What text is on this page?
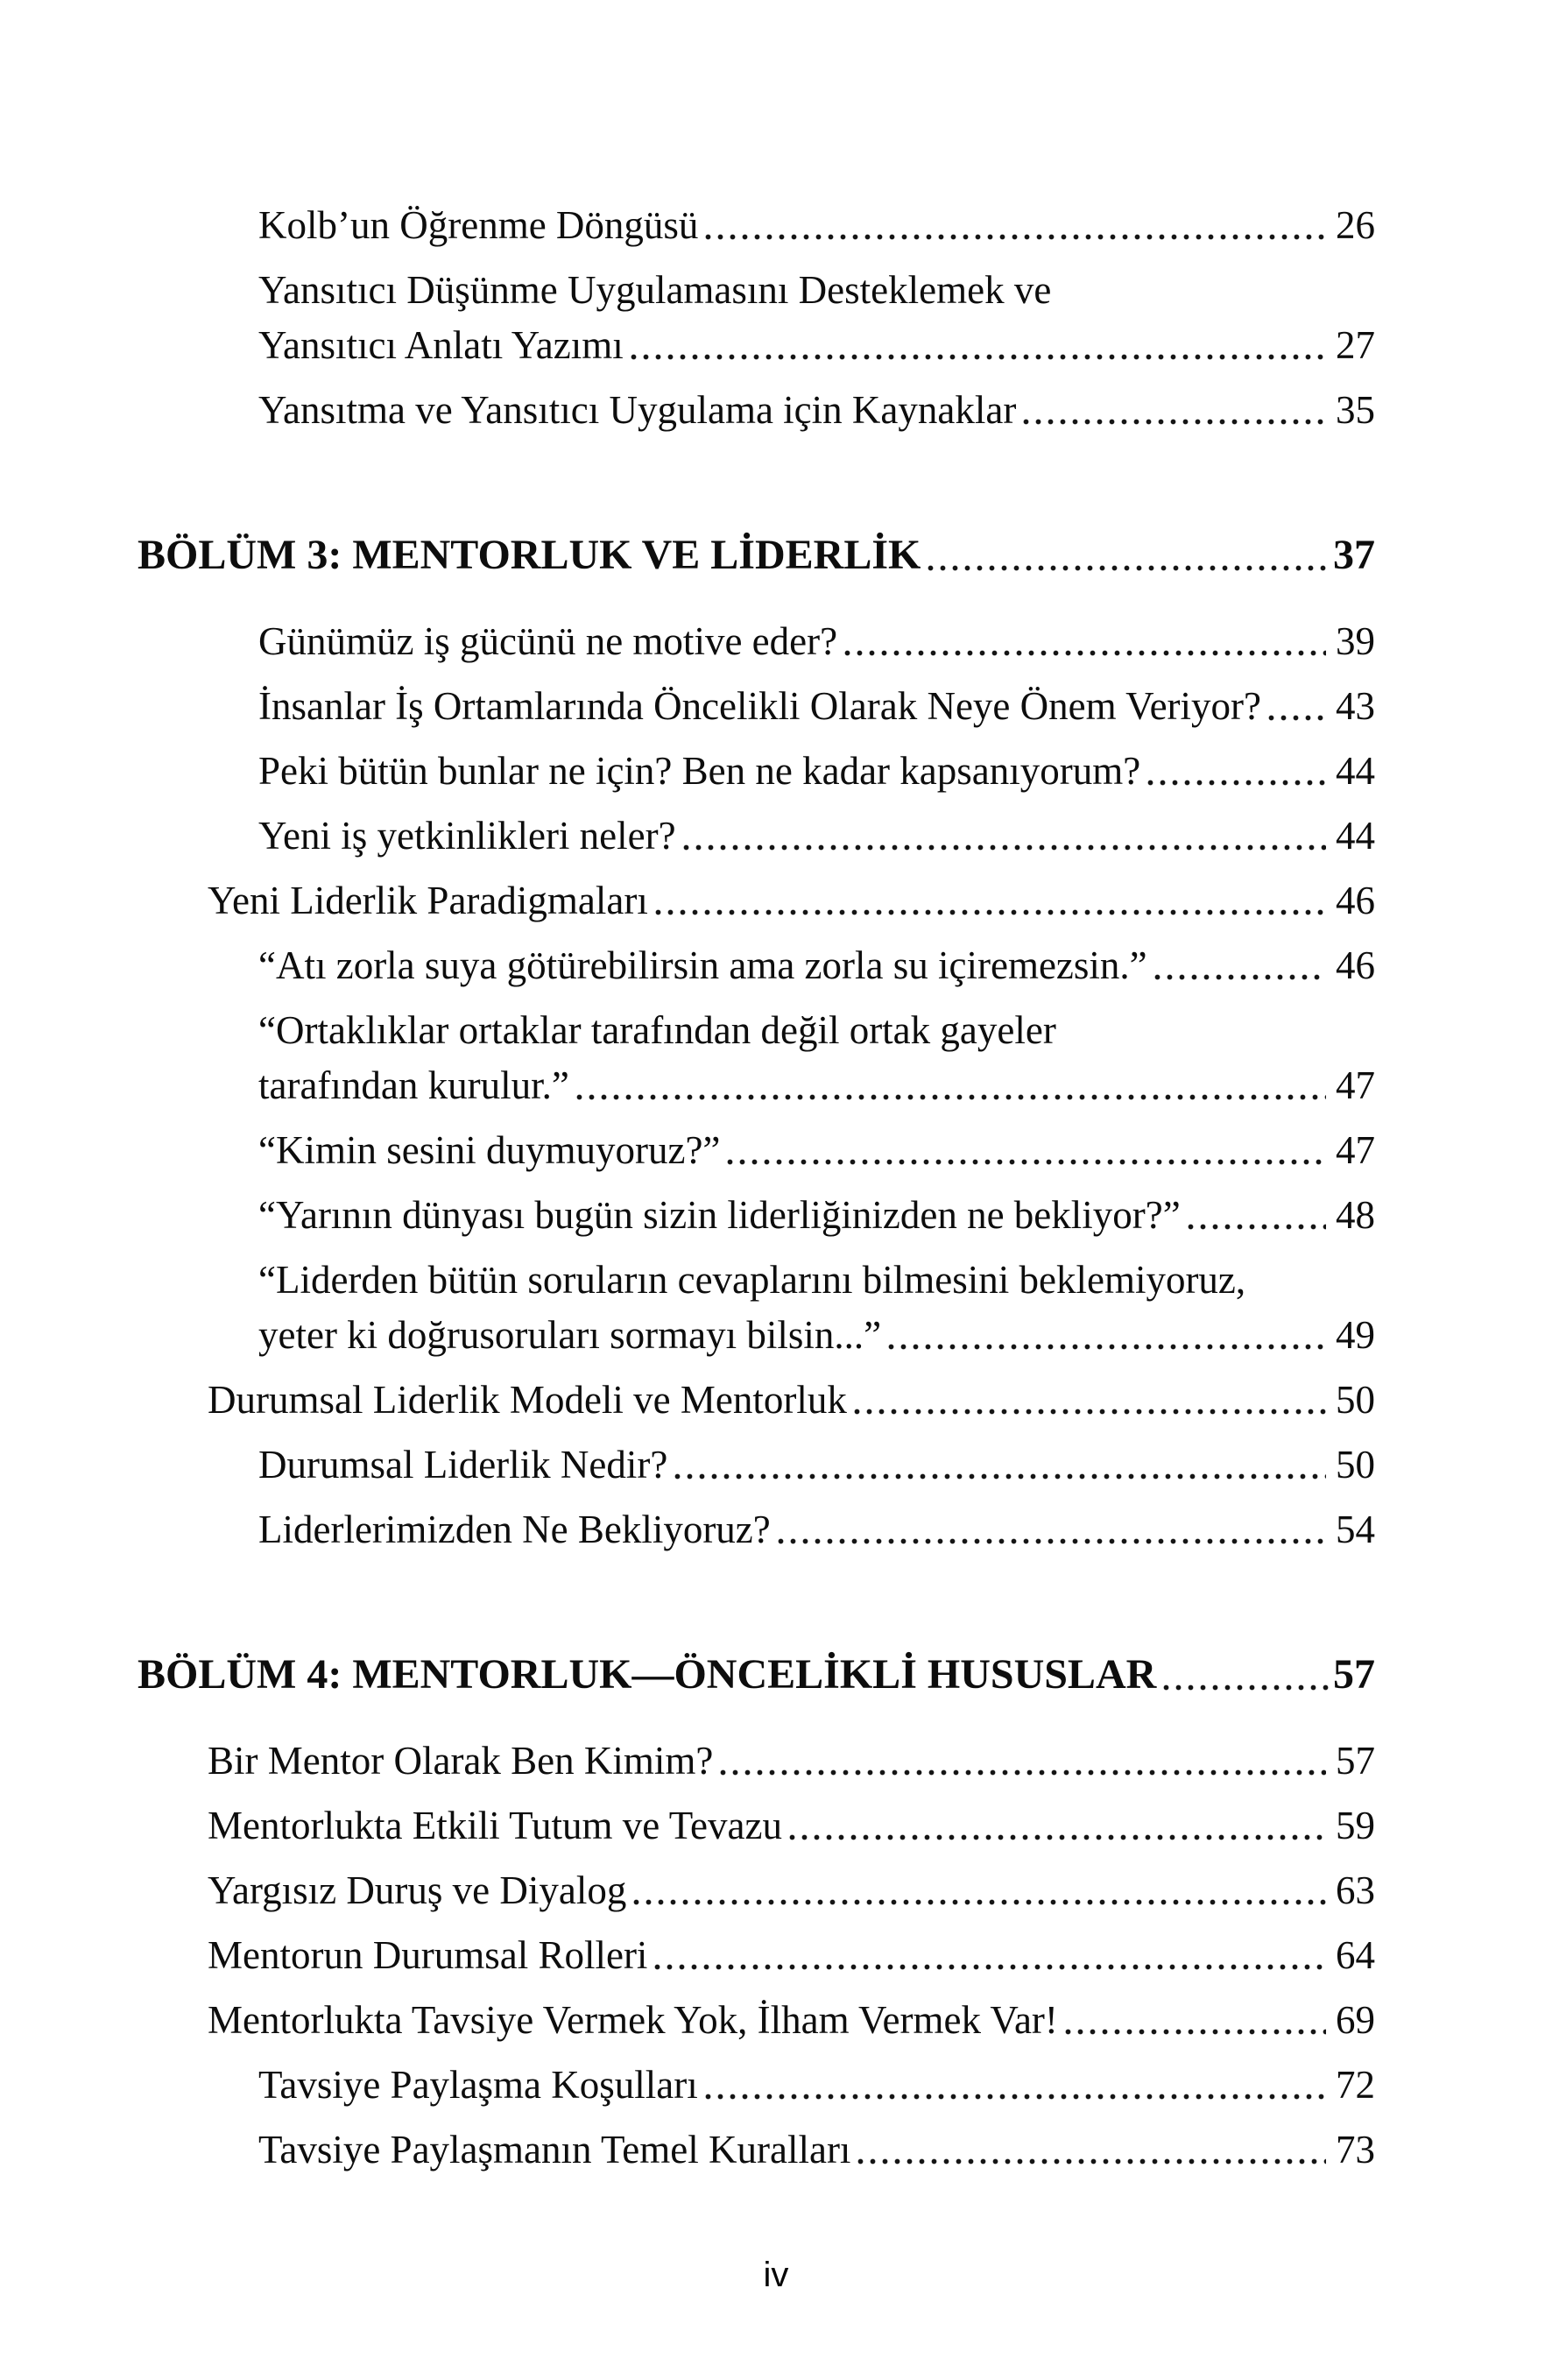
Kolb’un Öğrenme Döngüsü	26
Yansıtıcı Düşünme Uygulamasını Desteklemek ve
Yansıtıcı Anlatı Yazımı	27
Yansıtma ve Yansıtıcı Uygulama için Kaynaklar	35
BÖLÜM 3: MENTORLUK VE LİDERLİK	37
Günümüz iş gücünü ne motive eder?	39
İnsanlar İş Ortamlarında Öncelikli Olarak Neye Önem Veriyor? 43
Peki bütün bunlar ne için? Ben ne kadar kapsanıyorum?	44
Yeni iş yetkinlikleri neler?	44
Yeni Liderlik Paradigmaları	46
“Atı zorla suya götürebilirsin ama zorla su içiremezsin.”	46
“Ortaklıklar ortaklar tarafından değil ortak gayeler
tarafından kurulur.”	47
“Kimin sesini duymuyoruz?”	47
“Yarının dünyası bugün sizin liderliğinizden ne bekliyor?”	48
“Liderden bütün soruların cevaplarını bilmesini beklemiyoruz,
yeter ki doğrusoruları sormayı bilsin...”	49
Durumsal Liderlik Modeli ve Mentorluk	50
Durumsal Liderlik Nedir?	50
Liderlerimizden Ne Bekliyoruz?	54
BÖLÜM 4: MENTORLUK—ÖNCELİKLİ HUSUSLAR	57
Bir Mentor Olarak Ben Kimim?	57
Mentorlukta Etkili Tutum ve Tevazu	59
Yargısız Duruş ve Diyalog	63
Mentorun Durumsal Rolleri	64
Mentorlukta Tavsiye Vermek Yok, İlham Vermek Var!	69
Tavsiye Paylaşma Koşulları	72
Tavsiye Paylaşmanın Temel Kuralları	73
iv
